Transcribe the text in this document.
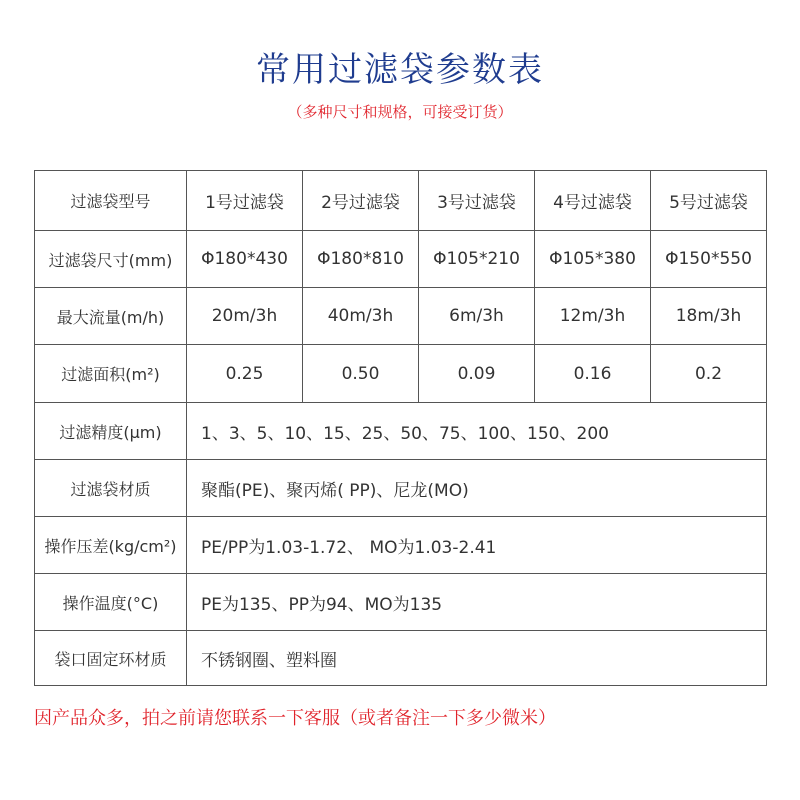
常用过滤袋参数表
（多种尺寸和规格，可接受订货）
过滤袋型号	1号过滤袋	2号过滤袋	3号过滤袋	4号过滤袋	5号过滤袋
过滤袋尺寸(mm)	Φ180*430	Φ180*810	Φ105*210	Φ105*380	Φ150*550
最大流量(m/h)	20m/3h	40m/3h	6m/3h	12m/3h	18m/3h
过滤面积(m²)	0.25	0.50	0.09	0.16	0.2
过滤精度(μm)	1、3、5、10、15、25、50、75、100、150、200				
过滤袋材质	聚酯(PE)、聚丙烯( PP)、尼龙(MO)				
操作压差(kg/cm²)	PE/PP为1.03-1.72、 MO为1.03-2.41				
操作温度(°C)	PE为135、PP为94、MO为135				
袋口固定环材质	不锈钢圈、塑料圈				
因产品众多，拍之前请您联系一下客服（或者备注一下多少微米）
